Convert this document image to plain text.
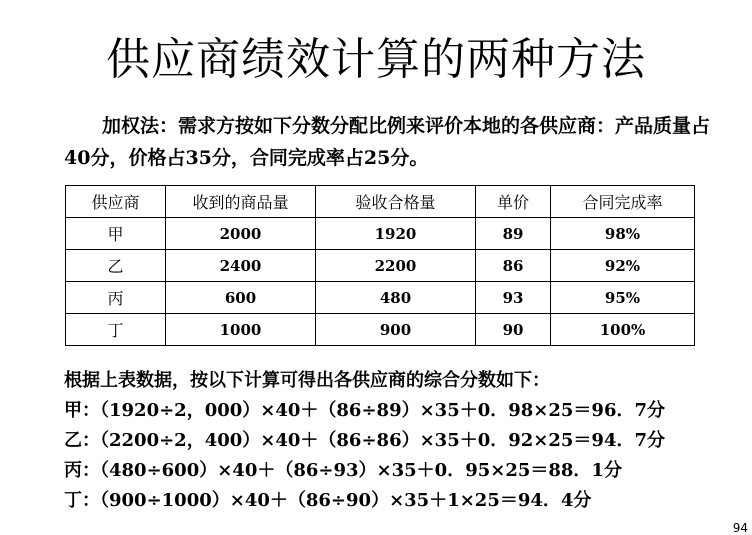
供应商绩效计算的两种方法
加权法：需求方按如下分数分配比例来评价本地的各供应商：产品质量占40分，价格占35分，合同完成率占25分。
供应商	收到的商品量	验收合格量	单价	合同完成率
甲	2000	1920	89	98%
乙	2400	2200	86	92%
丙	600	480	93	95%
丁	1000	900	90	100%
根据上表数据，按以下计算可得出各供应商的综合分数如下：
甲：（1920÷2，000）×40＋（86÷89）×35＋0．98×25＝96．7分
乙：（2200÷2，400）×40＋（86÷86）×35＋0．92×25＝94．7分
丙：（480÷600）×40＋（86÷93）×35＋0．95×25＝88．1分
丁：（900÷1000）×40＋（86÷90）×35＋1×25＝94．4分
94
